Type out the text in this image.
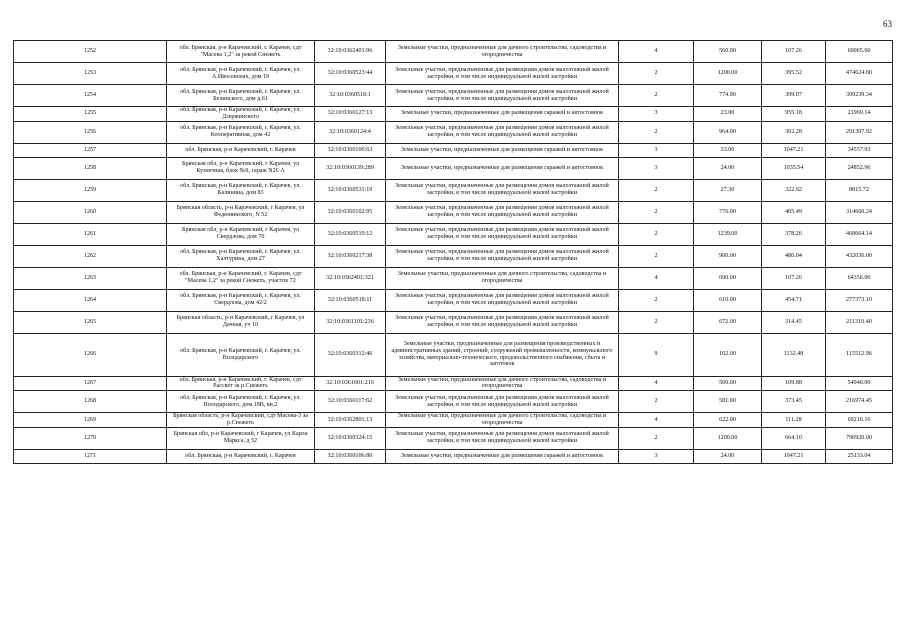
63
1252	обл. Брянская, р-н Карачевский, г. Карачев, сдт "Масева 1,2" за рекой Снежеть	32:10:0362401:96	Земельные участки, предназначенные для дачного строительства, садоводства и огородничества	4	560.00	107.26	60065.60
1253	обл. Брянская, р-н Карачевский, г. Карачев, ул. А.Ивосевских, дом 19	32:10:0360523:44	Земельные участки, предназначенные для размещения домов малоэтажной жилой застройки, в том числе индивидуальной жилой застройки	2	1200.00	395.52	474624.00
1254	обл. Брянская, р-н Карачевский, г. Карачев, ул. Белинского, дом д.61	32:10:0360518:1	Земельные участки, предназначенные для размещения домов малоэтажной жилой застройки, в том числе индивидуальной жилой застройки	2	774.90	399.07	309239.34
1255	обл. Брянская, р-н Карачевский, г. Карачев, ул. Дзержинского	32:10:0360127:13	Земельные участки, предназначенные для размещения гаражей и автостоянок	3	23.00	955.18	21969.14
1256	обл. Брянская, р-н Карачевский, г. Карачев, ул. Кооперативная, дом 42	32:10:0360124:4	Земельные участки, предназначенные для размещения домов малоэтажной жилой застройки, в том числе индивидуальной жилой застройки	2	964.00	302.28	291397.92
1257	обл. Брянская, р-н Карачевский, г. Карачев	32:10:0360106:63	Земельные участки, предназначенные для размещения гаражей и автостоянок	3	33.00	1047.21	34557.93
1258	Брянская обл, р-н Карачевский, г Карачев, ул Кузнечная, блок №9, гараж N26 А	32:10:0360139:289	Земельные участки, предназначенные для размещения гаражей и автостоянок	3	24.00	1035.54	24852.96
1259	обл. Брянская, р-н Карачевский, г. Карачев, ул. Калинина, дом 83	32:10:0360531:19	Земельные участки, предназначенные для размещения домов малоэтажной жилой застройки, в том числе индивидуальной жилой застройки	2	27.30	322.92	8815.72
1260	Брянская область, р-н Карачевский, г Карачев, ул Федюнинского, N 52	32:10:0360102:95	Земельные участки, предназначенные для размещения домов малоэтажной жилой застройки, в том числе индивидуальной жилой застройки	2	776.00	405.49	314660.24
1261	Брянская обл, р-н Карачевский, г Карачев, ул Свердлова, дом 70	32:10:0360519:12	Земельные участки, предназначенные для размещения домов малоэтажной жилой застройки, в том числе индивидуальной жилой застройки	2	1239.00	378.26	468664.14
1262	обл. Брянская, р-н Карачевский, г. Карачев, ул. Халтурина, дом 27	32:10:0360217:38	Земельные участки, предназначенные для размещения домов малоэтажной жилой застройки, в том числе индивидуальной жилой застройки	2	900.00	480.04	432036.00
1263	обл. Брянская, р-н Карачевский, г. Карачев, сдт "Масева 1,2" за рекой Снежеть, участок 72	32:10:0362401:321	Земельные участки, предназначенные для дачного строительства, садоводства и огородничества	4	600.00	107.26	64356.00
1264	обл. Брянская, р-н Карачевский, г. Карачев, ул. Свердлова, дом 42/2	32:10:0360518:11	Земельные участки, предназначенные для размещения домов малоэтажной жилой застройки, в том числе индивидуальной жилой застройки	2	610.00	454.71	277373.10
1265	Брянская область, р-н Карачевский, г Карачев, ул Дачная, уч 10	32:10:0361101:236	Земельные участки, предназначенные для размещения домов малоэтажной жилой застройки, в том числе индивидуальной жилой застройки	2	672.00	314.45	211310.40
1266	обл. Брянская, р-н Карачевский, г. Карачев, ул. Володарского	32:10:0360312:46	Земельные участки, предназначенные для размещения производственных и административных зданий, строений, сооружений промышленности, коммунального хозяйства, материально-технического, продовольственного снабжения, сбыта и заготовок	9	102.00	1132.48	115512.96
1267	обл. Брянская, р-н Карачевский, г. Карачев, сдт Рассвет за р.Снежеть	32:10:0361601:216	Земельные участки, предназначенные для дачного строительства, садоводства и огородничества	4	500.00	109.88	54940.00
1268	обл. Брянская, р-н Карачевский, г. Карачев, ул. Володарского, дом 18В, кв.2	32:10:0360117:62	Земельные участки, предназначенные для размещения домов малоэтажной жилой застройки, в том числе индивидуальной жилой застройки	2	581.00	373.45	216974.45
1269	Брянская область, р-н Карачевский, сдт Масева-3 за р.Снежеть	32:10:0362801:13	Земельные участки, предназначенные для дачного строительства, садоводства и огородничества	4	622.00	111.28	69216.16
1270	Брянская обл, р-н Карачевский, г Карачев, ул Карла Маркса, д 52	32:10:0360324:15	Земельные участки, предназначенные для размещения домов малоэтажной жилой застройки, в том числе индивидуальной жилой застройки	2	1200.00	664.10	796920.00
1271	обл. Брянская, р-н Карачевский, г. Карачев	32:10:0360106:80	Земельные участки, предназначенные для размещения гаражей и автостоянок	3	24.00	1047.21	25133.04
